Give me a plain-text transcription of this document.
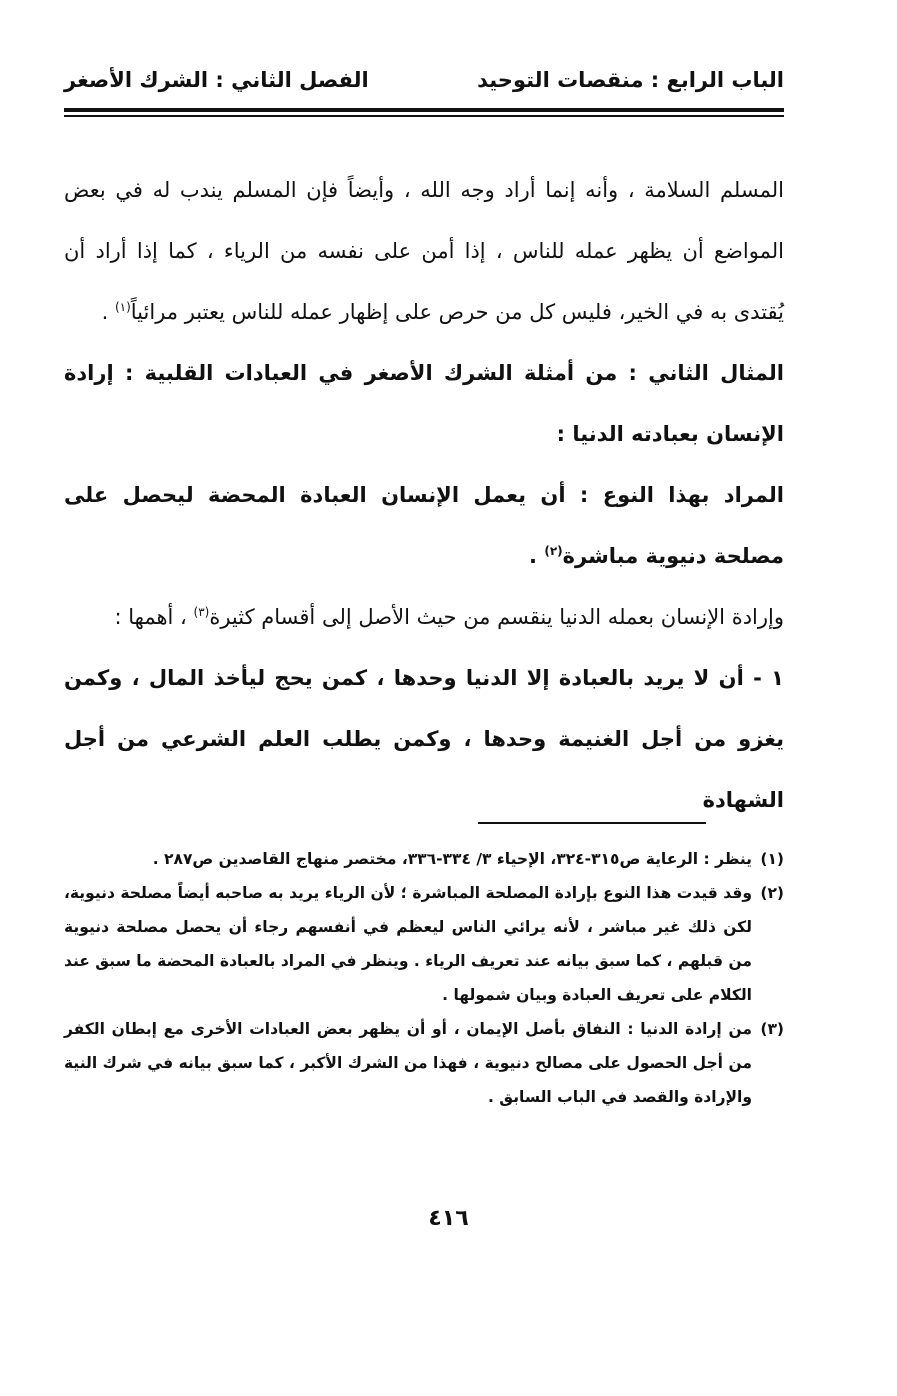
الباب الرابع : منقصات التوحيد
الفصل الثاني : الشرك الأصغر

المسلم السلامة ، وأنه إنما أراد وجه الله ، وأيضاً فإن المسلم يندب له في بعض المواضع أن يظهر عمله للناس ، إذا أمن على نفسه من الرياء ، كما إذا أراد أن يُقتدى به في الخير، فليس كل من حرص على إظهار عمله للناس يعتبر مرائياً$^{(١)}$ .

المثال الثاني : من أمثلة الشرك الأصغر في العبادات القلبية : إرادة الإنسان بعبادته الدنيا :

المراد بهذا النوع : أن يعمل الإنسان العبادة المحضة ليحصل على مصلحة دنيوية مباشرة$^{(٢)}$ .

وإرادة الإنسان بعمله الدنيا ينقسم من حيث الأصل إلى أقسام كثيرة$^{(٣)}$ ، أهمها :

١ - أن لا يريد بالعبادة إلا الدنيا وحدها ، كمن يحج ليأخذ المال ، وكمن يغزو من أجل الغنيمة وحدها ، وكمن يطلب العلم الشرعي من أجل الشهادة

(١)
ينظر : الرعاية ص٣١٥-٣٢٤، الإحياء ٣/ ٣٣٤-٣٣٦، مختصر منهاج القاصدين ص٢٨٧ .

(٢)
وقد قيدت هذا النوع بإرادة المصلحة المباشرة ؛ لأن الرياء يريد به صاحبه أيضاً مصلحة دنيوية، لكن ذلك غير مباشر ، لأنه يرائي الناس ليعظم في أنفسهم رجاء أن يحصل مصلحة دنيوية من قبلهم ، كما سبق بيانه عند تعريف الرياء . وينظر في المراد بالعبادة المحضة ما سبق عند الكلام على تعريف العبادة وبيان شمولها .

(٣)
من إرادة الدنيا : النفاق بأصل الإيمان ، أو أن يظهر بعض العبادات الأخرى مع إبطان الكفر من أجل الحصول على مصالح دنيوية ، فهذا من الشرك الأكبر ، كما سبق بيانه في شرك النية والإرادة والقصد في الباب السابق .

٤١٦
